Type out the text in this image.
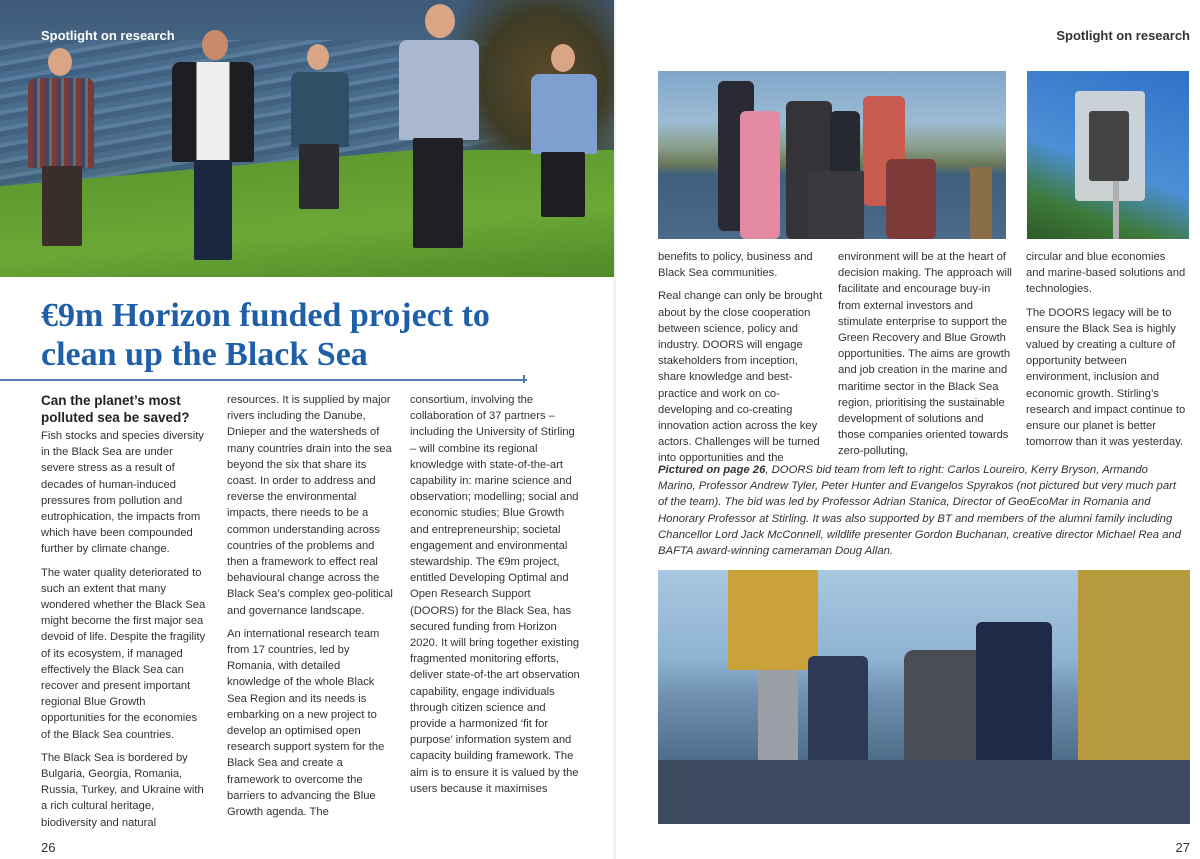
Spotlight on research
€9m Horizon funded project to
clean up the Black Sea

Can the planet’s most polluted sea be saved?

Fish stocks and species diversity in the Black Sea are under severe stress as a result of decades of human-induced pressures from pollution and eutrophication, the impacts from which have been compounded further by climate change.

The water quality deteriorated to such an extent that many wondered whether the Black Sea might become the first major sea devoid of life. Despite the fragility of its ecosystem, if managed effectively the Black Sea can recover and present important regional Blue Growth opportunities for the economies of the Black Sea countries.

The Black Sea is bordered by Bulgaria, Georgia, Romania, Russia, Turkey, and Ukraine with a rich cultural heritage, biodiversity and natural

resources. It is supplied by major rivers including the Danube, Dnieper and the watersheds of many countries drain into the sea beyond the six that share its coast. In order to address and reverse the environmental impacts, there needs to be a common understanding across countries of the problems and then a framework to effect real behavioural change across the Black Sea’s complex geo-political and governance landscape.

An international research team from 17 countries, led by Romania, with detailed knowledge of the whole Black Sea Region and its needs is embarking on a new project to develop an optimised open research support system for the Black Sea and create a framework to overcome the barriers to advancing the Blue Growth agenda. The

consortium, involving the collaboration of 37 partners – including the University of Stirling – will combine its regional knowledge with state-of-the-art capability in: marine science and observation; modelling; social and economic studies; Blue Growth and entrepreneurship; societal engagement and environmental stewardship. The €9m project, entitled Developing Optimal and Open Research Support (DOORS) for the Black Sea, has secured funding from Horizon 2020. It will bring together existing fragmented monitoring efforts, deliver state-of-the art observation capability, engage individuals through citizen science and provide a harmonized ‘fit for purpose’ information system and capacity building framework. The aim is to ensure it is valued by the users because it maximises

26
Spotlight on research

benefits to policy, business and Black Sea communities.

Real change can only be brought about by the close cooperation between science, policy and industry. DOORS will engage stakeholders from inception, share knowledge and best-practice and work on co-developing and co-creating innovation action across the key actors. Challenges will be turned into opportunities and the

environment will be at the heart of decision making. The approach will facilitate and encourage buy-in from external investors and stimulate enterprise to support the Green Recovery and Blue Growth opportunities. The aims are growth and job creation in the marine and maritime sector in the Black Sea region, prioritising the sustainable development of solutions and those companies oriented towards zero-polluting,

circular and blue economies and marine-based solutions and technologies.

The DOORS legacy will be to ensure the Black Sea is highly valued by creating a culture of opportunity between environment, inclusion and economic growth. Stirling’s research and impact continue to ensure our planet is better tomorrow than it was yesterday.

Pictured on page 26, DOORS bid team from left to right: Carlos Loureiro, Kerry Bryson, Armando Marino, Professor Andrew Tyler, Peter Hunter and Evangelos Spyrakos (not pictured but very much part of the team). The bid was led by Professor Adrian Stanica, Director of GeoEcoMar in Romania and Honorary Professor at Stirling. It was also supported by BT and members of the alumni family including Chancellor Lord Jack McConnell, wildlife presenter Gordon Buchanan, creative director Michael Rea and BAFTA award-winning cameraman Doug Allan.

27
